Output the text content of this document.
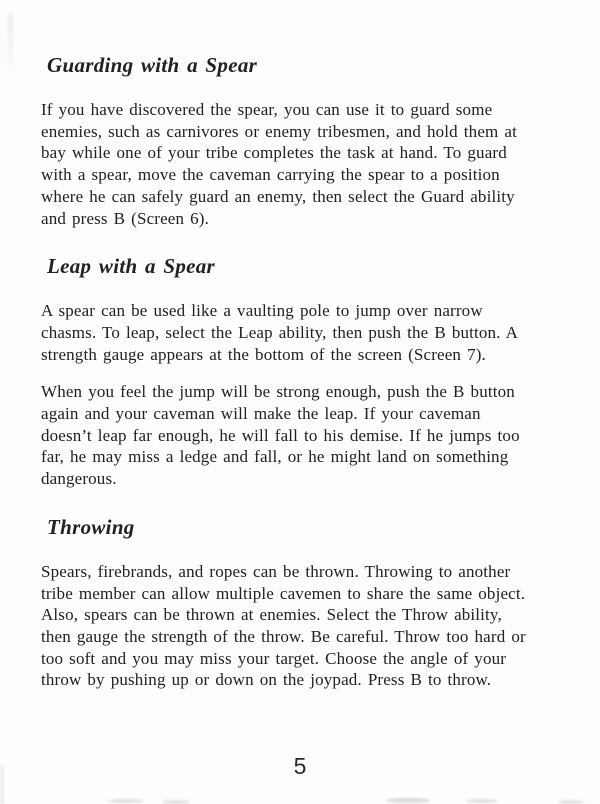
Guarding with a Spear
If you have discovered the spear, you can use it to guard some
enemies, such as carnivores or enemy tribesmen, and hold them at
bay while one of your tribe completes the task at hand. To guard
with a spear, move the caveman carrying the spear to a position
where he can safely guard an enemy, then select the Guard ability
and press B (Screen 6).
Leap with a Spear
A spear can be used like a vaulting pole to jump over narrow
chasms. To leap, select the Leap ability, then push the B button. A
strength gauge appears at the bottom of the screen (Screen 7).
When you feel the jump will be strong enough, push the B button
again and your caveman will make the leap. If your caveman
doesn’t leap far enough, he will fall to his demise. If he jumps too
far, he may miss a ledge and fall, or he might land on something
dangerous.
Throwing
Spears, firebrands, and ropes can be thrown. Throwing to another
tribe member can allow multiple cavemen to share the same object.
Also, spears can be thrown at enemies. Select the Throw ability,
then gauge the strength of the throw. Be careful. Throw too hard or
too soft and you may miss your target. Choose the angle of your
throw by pushing up or down on the joypad. Press B to throw.
5
